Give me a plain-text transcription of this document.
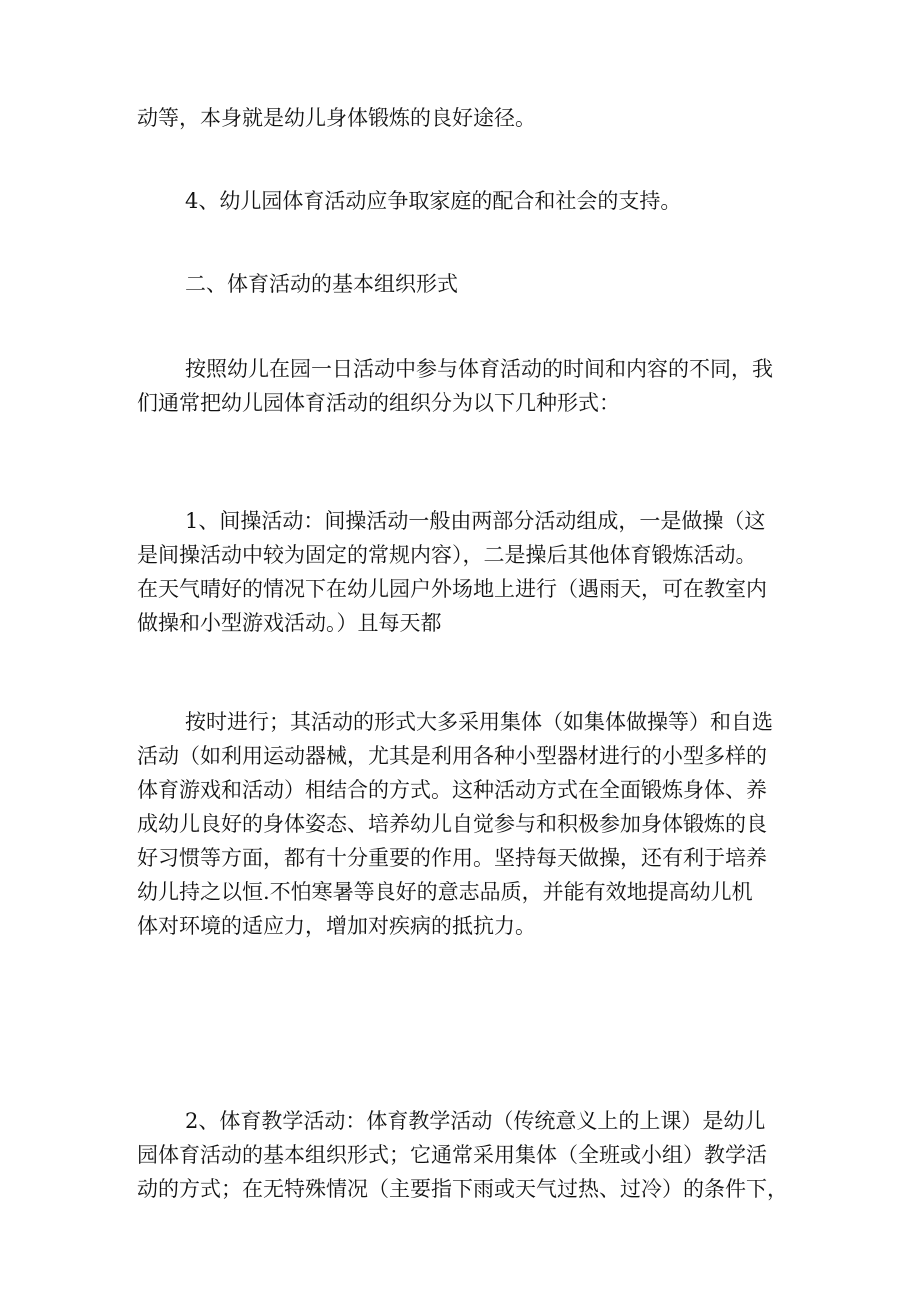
动等，本身就是幼儿身体锻炼的良好途径。

4、幼儿园体育活动应争取家庭的配合和社会的支持。

二、体育活动的基本组织形式

按照幼儿在园一日活动中参与体育活动的时间和内容的不同，我
们通常把幼儿园体育活动的组织分为以下几种形式：

1、间操活动：间操活动一般由两部分活动组成，一是做操（这
是间操活动中较为固定的常规内容），二是操后其他体育锻炼活动。
在天气晴好的情况下在幼儿园户外场地上进行（遇雨天，可在教室内
做操和小型游戏活动。）且每天都

按时进行；其活动的形式大多采用集体（如集体做操等）和自选
活动（如利用运动器械，尤其是利用各种小型器材进行的小型多样的
体育游戏和活动）相结合的方式。这种活动方式在全面锻炼身体、养
成幼儿良好的身体姿态、培养幼儿自觉参与和积极参加身体锻炼的良
好习惯等方面，都有十分重要的作用。坚持每天做操，还有利于培养
幼儿持之以恒.不怕寒暑等良好的意志品质，并能有效地提高幼儿机
体对环境的适应力，增加对疾病的抵抗力。

2、体育教学活动：体育教学活动（传统意义上的上课）是幼儿
园体育活动的基本组织形式；它通常采用集体（全班或小组）教学活
动的方式；在无特殊情况（主要指下雨或天气过热、过冷）的条件下，
